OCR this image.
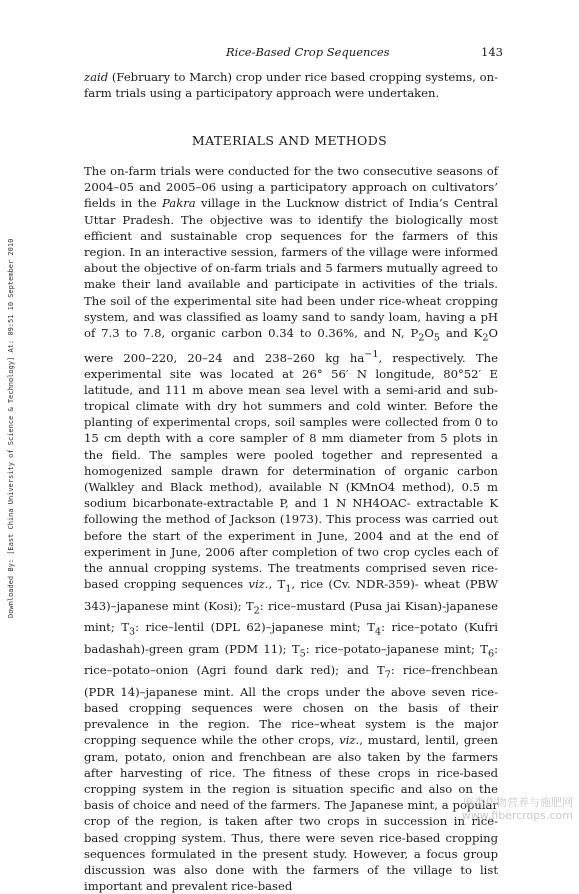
Rice-Based Crop Sequences	143

zaid (February to March) crop under rice based cropping systems, on-farm trials using a participatory approach were undertaken.

MATERIALS AND METHODS

The on-farm trials were conducted for the two consecutive seasons of 2004–05 and 2005–06 using a participatory approach on cultivators’ fields in the Pakra village in the Lucknow district of India’s Central Uttar Pradesh. The objective was to identify the biologically most efficient and sustainable crop sequences for the farmers of this region. In an interactive session, farmers of the village were informed about the objective of on-farm trials and 5 farmers mutually agreed to make their land available and participate in activities of the trials. The soil of the experimental site had been under rice-wheat cropping system, and was classified as loamy sand to sandy loam, having a pH of 7.3 to 7.8, organic carbon 0.34 to 0.36%, and N, $P_2O_5$ and $K_2O$ were 200–220, 20–24 and 238–260 kg $ha^{-1}$, respectively. The experimental site was located at 26° 56′ N longitude, 80°52′ E latitude, and 111 m above mean sea level with a semi-arid and sub-tropical climate with dry hot summers and cold winter. Before the planting of experimental crops, soil samples were collected from 0 to 15 cm depth with a core sampler of 8 mm diameter from 5 plots in the field. The samples were pooled together and represented a homogenized sample drawn for determination of organic carbon (Walkley and Black method), available N (KMnO4 method), 0.5 m sodium bicarbonate-extractable P, and 1 N NH4OAC- extractable K following the method of Jackson (1973). This process was carried out before the start of the experiment in June, 2004 and at the end of experiment in June, 2006 after completion of two crop cycles each of the annual cropping systems. The treatments comprised seven rice-based cropping sequences viz., $T_1$, rice (Cv. NDR-359)- wheat (PBW 343)–japanese mint (Kosi); $T_2$: rice–mustard (Pusa jai Kisan)-japanese mint; $T_3$: rice–lentil (DPL 62)–japanese mint; $T_4$: rice–potato (Kufri badashah)-green gram (PDM 11); $T_5$: rice–potato–japanese mint; $T_6$: rice–potato–onion (Agri found dark red); and $T_7$: rice–frenchbean (PDR 14)–japanese mint. All the crops under the above seven rice-based cropping sequences were chosen on the basis of their prevalence in the region. The rice–wheat system is the major cropping sequence while the other crops, viz., mustard, lentil, green gram, potato, onion and frenchbean are also taken by the farmers after harvesting of rice. The fitness of these crops in rice-based cropping system in the region is situation specific and also on the basis of choice and need of the farmers. The Japanese mint, a popular crop of the region, is taken after two crops in succession in rice-based cropping system. Thus, there were seven rice-based cropping sequences formulated in the present study. However, a focus group discussion was also done with the farmers of the village to list important and prevalent rice-based

Downloaded By: [East China University of Science & Technology] At: 09:51 10 September 2010
麻类作物营养与施肥网
www.fibercrops.com
